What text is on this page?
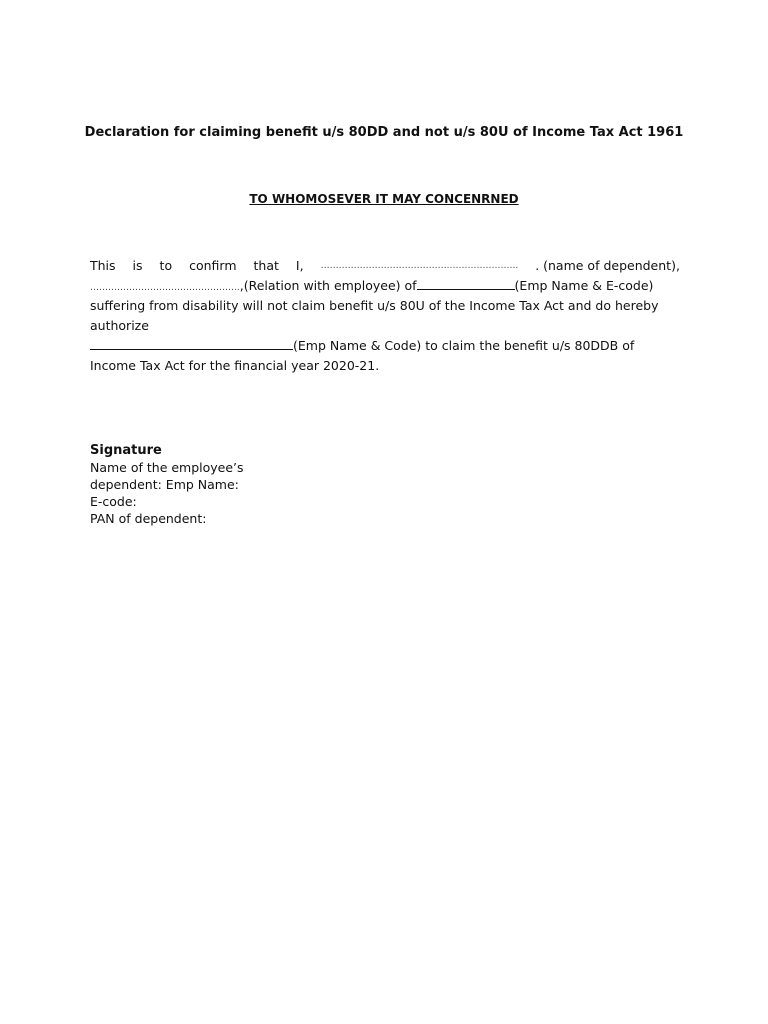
Declaration for claiming benefit u/s 80DD and not u/s 80U of Income Tax Act 1961
TO WHOMOSEVER IT MAY CONCENRNED
This is to confirm that I, …………………………………….………………….. . (name of dependent),
…………………………………………..,(Relation with employee) of	(Emp Name & E-code)
suffering from disability will not claim benefit u/s 80U of the Income Tax Act and do hereby
authorize
(Emp Name & Code) to claim the benefit u/s 80DDB of
Income Tax Act for the financial year 2020-21.
Signature
Name of the employee’s
dependent: Emp Name:
E-code:
PAN of dependent:
